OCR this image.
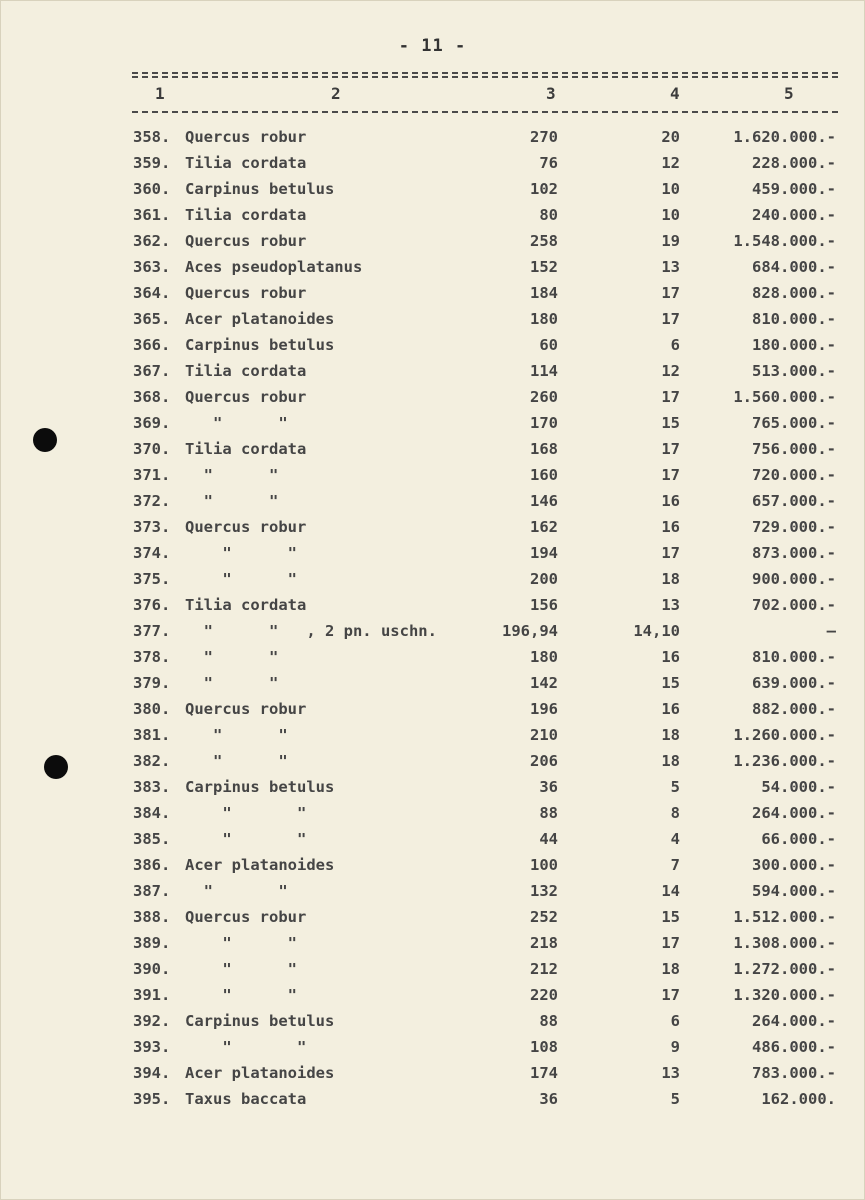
- 11 -
1	2	3	4	5
358. Quercus robur	270	20	1.620.000.-
359. Tilia cordata	76	12	228.000.-
360. Carpinus betulus	102	10	459.000.-
361. Tilia cordata	80	10	240.000.-
362. Quercus robur	258	19	1.548.000.-
363. Aces pseudoplatanus	152	13	684.000.-
364. Quercus robur	184	17	828.000.-
365. Acer platanoides	180	17	810.000.-
366. Carpinus betulus	60	6	180.000.-
367. Tilia cordata	114	12	513.000.-
368. Quercus robur	260	17	1.560.000.-
369. "      "	170	15	765.000.-
370. Tilia cordata	168	17	756.000.-
371. "      "	160	17	720.000.-
372. "      "	146	16	657.000.-
373. Quercus robur	162	16	729.000.-
374. "      "	194	17	873.000.-
375. "      "	200	18	900.000.-
376. Tilia cordata	156	13	702.000.-
377. "      "   , 2 pn. uschn.	196,94	14,10	—
378. "      "	180	16	810.000.-
379. "      "	142	15	639.000.-
380. Quercus robur	196	16	882.000.-
381. "      "	210	18	1.260.000.-
382. "      "	206	18	1.236.000.-
383. Carpinus betulus	36	5	54.000.-
384. "       "	88	8	264.000.-
385. "       "	44	4	66.000.-
386. Acer platanoides	100	7	300.000.-
387. "       "	132	14	594.000.-
388. Quercus robur	252	15	1.512.000.-
389. "      "	218	17	1.308.000.-
390. "      "	212	18	1.272.000.-
391. "      "	220	17	1.320.000.-
392. Carpinus betulus	88	6	264.000.-
393. "       "	108	9	486.000.-
394. Acer platanoides	174	13	783.000.-
395. Taxus baccata	36	5	162.000.
